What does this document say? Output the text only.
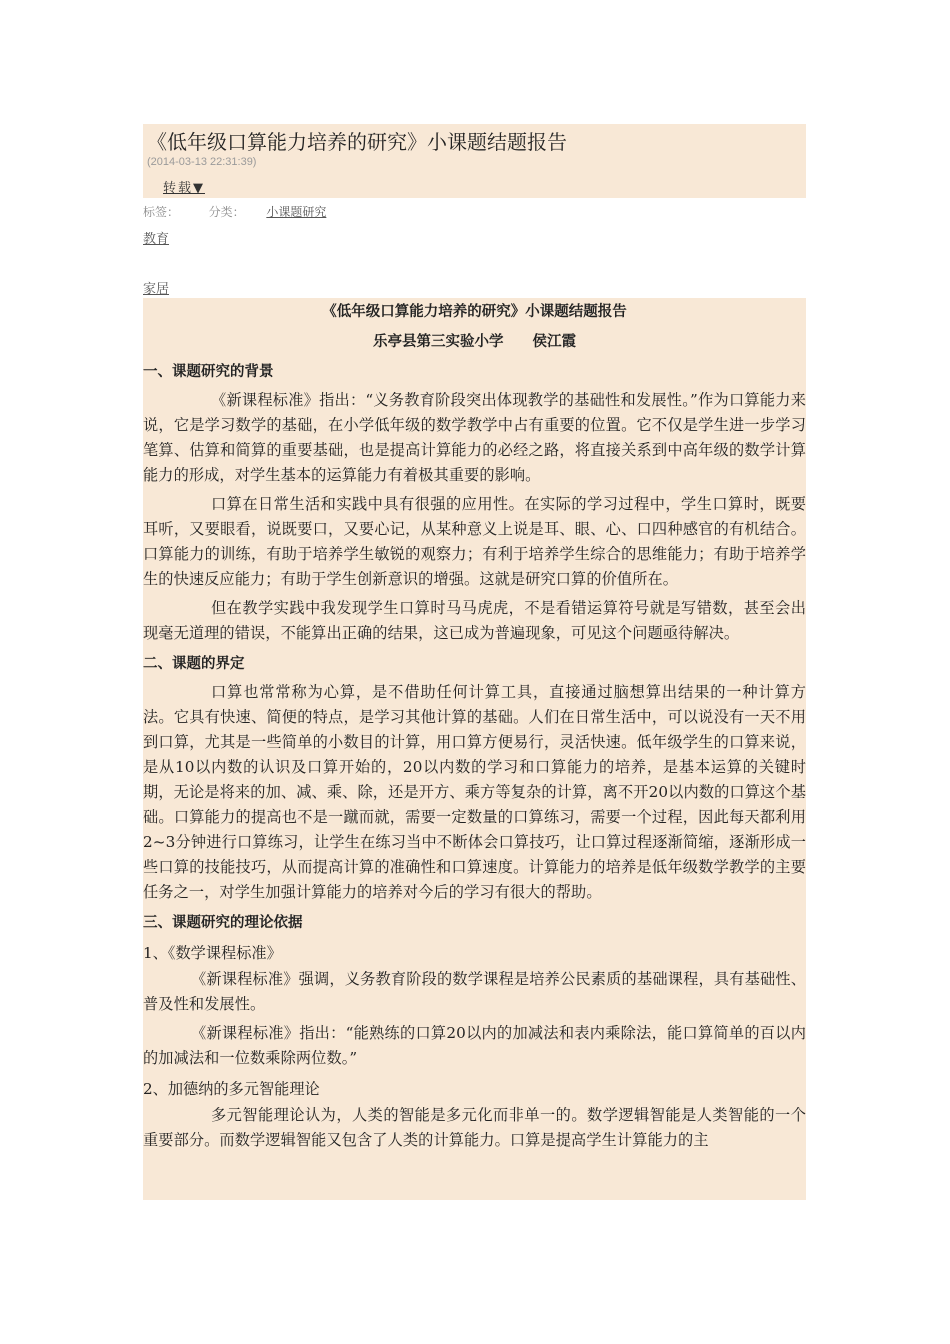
《低年级口算能力培养的研究》小课题结题报告
(2014-03-13 22:31:39)
转载▼
标签： 分类： 小课题研究
教育
家居
《低年级口算能力培养的研究》小课题结题报告
乐亭县第三实验小学　　侯江霞
一、课题研究的背景

《新课程标准》指出：“义务教育阶段突出体现教学的基础性和发展性。”作为口算能力来说，它是学习数学的基础，在小学低年级的数学教学中占有重要的位置。它不仅是学生进一步学习笔算、估算和简算的重要基础，也是提高计算能力的必经之路，将直接关系到中高年级的数学计算能力的形成，对学生基本的运算能力有着极其重要的影响。

口算在日常生活和实践中具有很强的应用性。在实际的学习过程中，学生口算时，既要耳听，又要眼看，说既要口，又要心记，从某种意义上说是耳、眼、心、口四种感官的有机结合。口算能力的训练，有助于培养学生敏锐的观察力；有利于培养学生综合的思维能力；有助于培养学生的快速反应能力；有助于学生创新意识的增强。这就是研究口算的价值所在。

但在教学实践中我发现学生口算时马马虎虎，不是看错运算符号就是写错数，甚至会出现毫无道理的错误，不能算出正确的结果，这已成为普遍现象，可见这个问题亟待解决。

二、课题的界定

口算也常常称为心算，是不借助任何计算工具，直接通过脑想算出结果的一种计算方法。它具有快速、简便的特点，是学习其他计算的基础。人们在日常生活中，可以说没有一天不用到口算，尤其是一些简单的小数目的计算，用口算方便易行，灵活快速。低年级学生的口算来说，是从10以内数的认识及口算开始的，20以内数的学习和口算能力的培养，是基本运算的关键时期，无论是将来的加、减、乘、除，还是开方、乘方等复杂的计算，离不开20以内数的口算这个基础。口算能力的提高也不是一蹴而就，需要一定数量的口算练习，需要一个过程，因此每天都利用2~3分钟进行口算练习，让学生在练习当中不断体会口算技巧，让口算过程逐渐简缩，逐渐形成一些口算的技能技巧，从而提高计算的准确性和口算速度。计算能力的培养是低年级数学教学的主要任务之一，对学生加强计算能力的培养对今后的学习有很大的帮助。

三、课题研究的理论依据
1、《数学课程标准》

《新课程标准》强调，义务教育阶段的数学课程是培养公民素质的基础课程，具有基础性、普及性和发展性。

《新课程标准》指出：“能熟练的口算20以内的加减法和表内乘除法，能口算简单的百以内的加减法和一位数乘除两位数。”

2、加德纳的多元智能理论

多元智能理论认为，人类的智能是多元化而非单一的。数学逻辑智能是人类智能的一个重要部分。而数学逻辑智能又包含了人类的计算能力。口算是提高学生计算能力的主
